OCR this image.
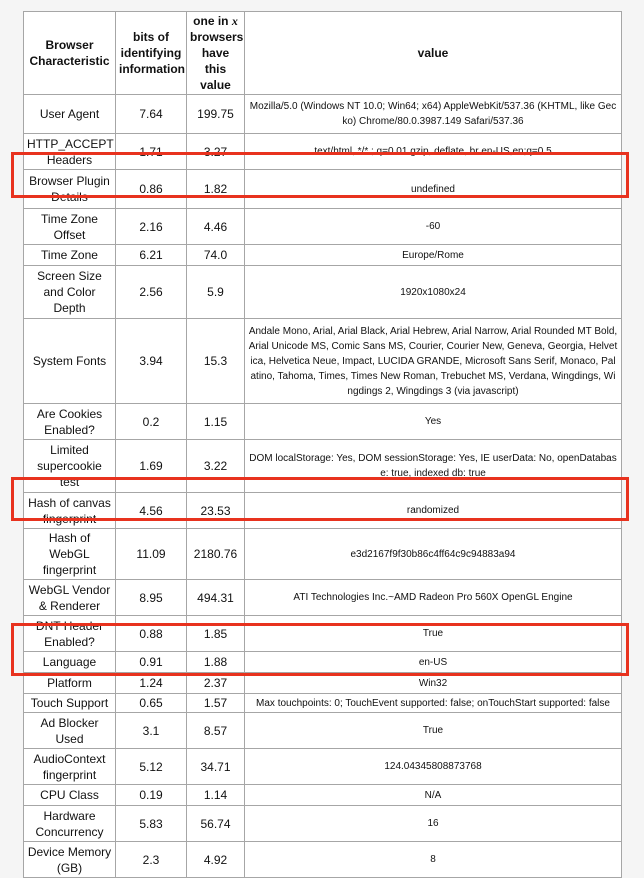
Browser Characteristic	bits of identifying information	one in x browsers have this value	value
User Agent	7.64	199.75	Mozilla/5.0 (Windows NT 10.0; Win64; x64) AppleWebKit/537.36 (KHTML, like Gecko) Chrome/80.0.3987.149 Safari/537.36
HTTP_ACCEPT Headers	1.71	3.27	text/html, */* ; q=0.01 gzip, deflate, br en-US,en;q=0.5
Browser Plugin Details	0.86	1.82	undefined
Time Zone Offset	2.16	4.46	-60
Time Zone	6.21	74.0	Europe/Rome
Screen Size and Color Depth	2.56	5.9	1920x1080x24
System Fonts	3.94	15.3	Andale Mono, Arial, Arial Black, Arial Hebrew, Arial Narrow, Arial Rounded MT Bold, Arial Unicode MS, Comic Sans MS, Courier, Courier New, Geneva, Georgia, Helvetica, Helvetica Neue, Impact, LUCIDA GRANDE, Microsoft Sans Serif, Monaco, Palatino, Tahoma, Times, Times New Roman, Trebuchet MS, Verdana, Wingdings, Wingdings 2, Wingdings 3 (via javascript)
Are Cookies Enabled?	0.2	1.15	Yes
Limited supercookie test	1.69	3.22	DOM localStorage: Yes, DOM sessionStorage: Yes, IE userData: No, openDatabase: true, indexed db: true
Hash of canvas fingerprint	4.56	23.53	randomized
Hash of WebGL fingerprint	11.09	2180.76	e3d2167f9f30b86c4ff64c9c94883a94
WebGL Vendor & Renderer	8.95	494.31	ATI Technologies Inc.~AMD Radeon Pro 560X OpenGL Engine
DNT Header Enabled?	0.88	1.85	True
Language	0.91	1.88	en-US
Platform	1.24	2.37	Win32
Touch Support	0.65	1.57	Max touchpoints: 0; TouchEvent supported: false; onTouchStart supported: false
Ad Blocker Used	3.1	8.57	True
AudioContext fingerprint	5.12	34.71	124.04345808873768
CPU Class	0.19	1.14	N/A
Hardware Concurrency	5.83	56.74	16
Device Memory (GB)	2.3	4.92	8
